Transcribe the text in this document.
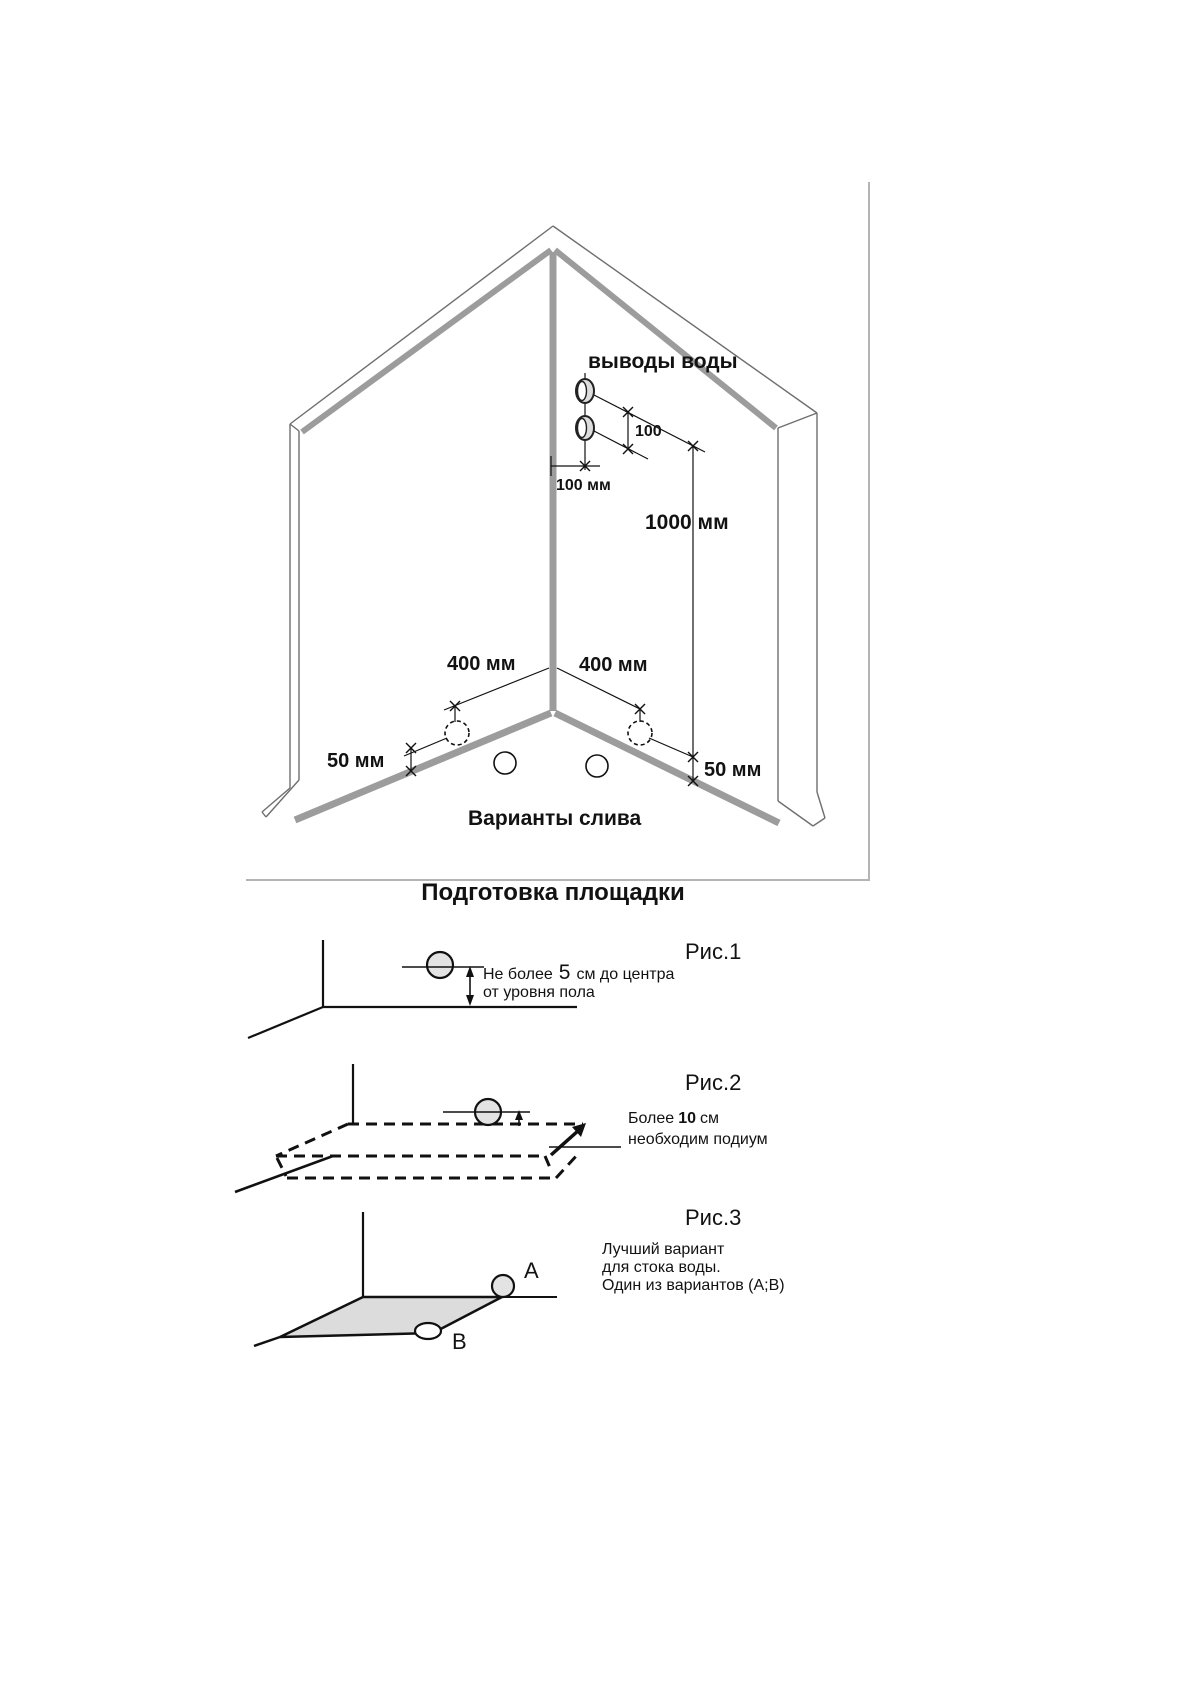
выводы воды
100
100 мм
1000 мм
400 мм	400 мм
50 мм	50 мм
Варианты слива
Подготовка площадки
Рис.1
Не более 5 см до центра
от уровня пола
Рис.2
Более 10 см
необходим подиум
Рис.3
Лучший вариант
для стока воды.
Один из вариантов (А;В)
А
В
